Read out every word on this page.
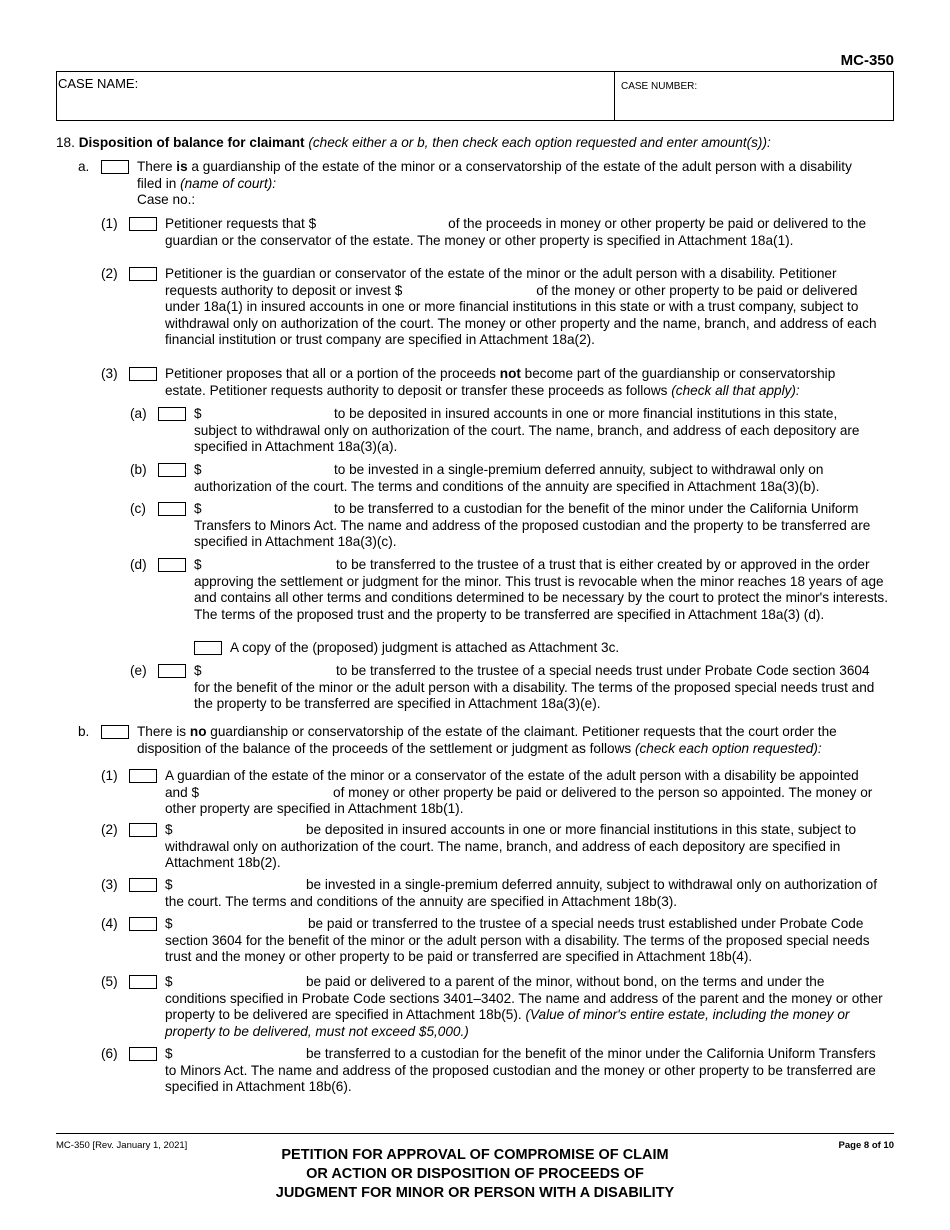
MC-350
CASE NAME:	CASE NUMBER:
18. Disposition of balance for claimant (check either a or b, then check each option requested and enter amount(s)):
a.	There is a guardianship of the estate of the minor or a conservatorship of the estate of the adult person with a disability

filed in (name of court):

Case no.:

(1)	Petitioner requests that $	of the proceeds in money or other property be paid or delivered to the

guardian or the conservator of the estate. The money or other property is specified in Attachment 18a(1).

(2)	Petitioner is the guardian or conservator of the estate of the minor or the adult person with a disability. Petitioner

requests authority to deposit or invest $	of the money or other property to be paid or delivered

under 18a(1) in insured accounts in one or more financial institutions in this state or with a trust company, subject to withdrawal only on authorization of the court. The money or other property and the name, branch, and address of each financial institution or trust company are specified in Attachment 18a(2).

(3)	Petitioner proposes that all or a portion of the proceeds not become part of the guardianship or conservatorship

estate. Petitioner requests authority to deposit or transfer these proceeds as follows (check all that apply):

(a)	$	to be deposited in insured accounts in one or more financial institutions in this state,
subject to withdrawal only on authorization of the court. The name, branch, and address of each depository are specified in Attachment 18a(3)(a).
(b)	$	to be invested in a single-premium deferred annuity, subject to withdrawal only on
authorization of the court. The terms and conditions of the annuity are specified in Attachment 18a(3)(b).
(c)	$	to be transferred to a custodian for the benefit of the minor under the California Uniform
Transfers to Minors Act. The name and address of the proposed custodian and the property to be transferred are specified in Attachment 18a(3)(c).
(d)	$	to be transferred to the trustee of a trust that is either created by or approved in the order
approving the settlement or judgment for the minor. This trust is revocable when the minor reaches 18 years of age and contains all other terms and conditions determined to be necessary by the court to protect the minor's interests. The terms of the proposed trust and the property to be transferred are specified in Attachment 18a(3) (d).
A copy of the (proposed) judgment is attached as Attachment 3c.
(e)	$	to be transferred to the trustee of a special needs trust under Probate Code section 3604
for the benefit of the minor or the adult person with a disability. The terms of the proposed special needs trust and the property to be transferred are specified in Attachment 18a(3)(e).
b.	There is no guardianship or conservatorship of the estate of the claimant. Petitioner requests that the court order the

disposition of the balance of the proceeds of the settlement or judgment as follows (check each option requested):

(1)	A guardian of the estate of the minor or a conservator of the estate of the adult person with a disability be appointed

and $	of money or other property be paid or delivered to the person so appointed. The money or

other property are specified in Attachment 18b(1).

(2)	$	be deposited in insured accounts in one or more financial institutions in this state, subject to
withdrawal only on authorization of the court. The name, branch, and address of each depository are specified in Attachment 18b(2).
(3)	$	be invested in a single-premium deferred annuity, subject to withdrawal only on authorization of
the court. The terms and conditions of the annuity are specified in Attachment 18b(3).
(4)	$	be paid or transferred to the trustee of a special needs trust established under Probate Code
section 3604 for the benefit of the minor or the adult person with a disability. The terms of the proposed special needs trust and the money or other property to be paid or transferred are specified in Attachment 18b(4).
(5)	$	be paid or delivered to a parent of the minor, without bond, on the terms and under the
conditions specified in Probate Code sections 3401–3402. The name and address of the parent and the money or other property to be delivered are specified in Attachment 18b(5). (Value of minor's entire estate, including the money or property to be delivered, must not exceed $5,000.)
(6)	$	be transferred to a custodian for the benefit of the minor under the California Uniform Transfers
to Minors Act. The name and address of the proposed custodian and the money or other property to be transferred are specified in Attachment 18b(6).
MC-350 [Rev. January 1, 2021]	Page 8 of 10
PETITION FOR APPROVAL OF COMPROMISE OF CLAIM
OR ACTION OR DISPOSITION OF PROCEEDS OF
JUDGMENT FOR MINOR OR PERSON WITH A DISABILITY
